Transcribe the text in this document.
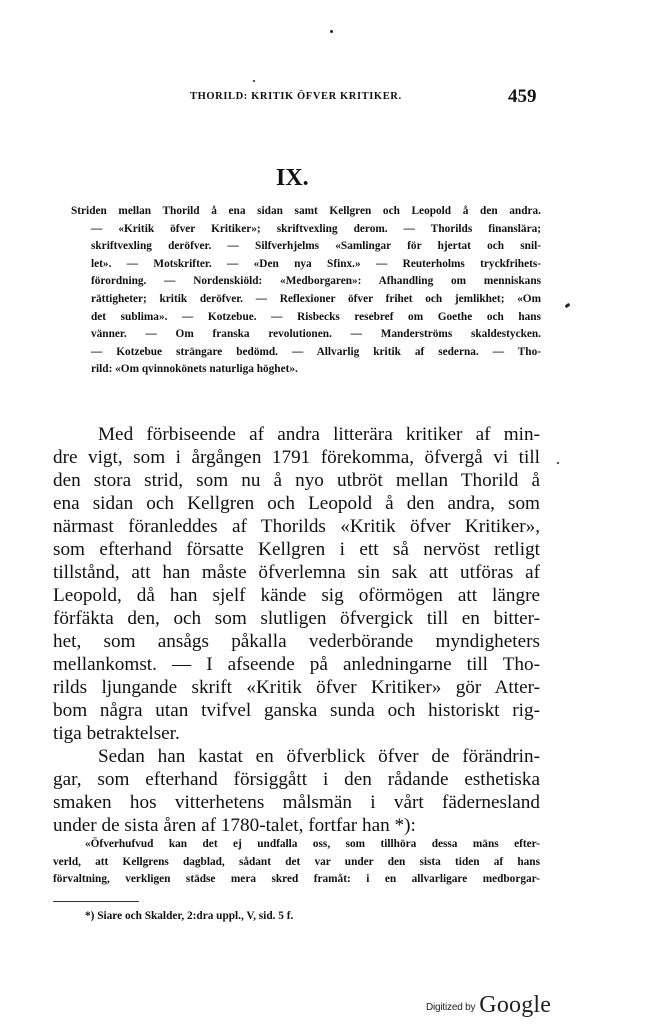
THORILD: KRITIK ÖFVER KRITIKER.	459
IX.
Striden mellan Thorild å ena sidan samt Kellgren och Leopold å den andra.
— «Kritik öfver Kritiker»; skriftvexling derom. — Thorilds finanslära;
skriftvexling deröfver. — Silfverhjelms «Samlingar för hjertat och snil-
let». — Motskrifter. — «Den nya Sfinx.» — Reuterholms tryckfrihets-
förordning. — Nordenskiöld: «Medborgaren»: Afhandling om menniskans
rättigheter; kritik deröfver. — Reflexioner öfver frihet och jemlikhet; «Om
det sublima». — Kotzebue. — Risbecks resebref om Goethe och hans
vänner. — Om franska revolutionen. — Manderströms skaldestycken.
— Kotzebue strängare bedömd. — Allvarlig kritik af sederna. — Tho-
rild: «Om qvinnokönets naturliga höghet».
Med förbiseende af andra litterära kritiker af min-
dre vigt, som i årgången 1791 förekomma, öfvergå vi till
den stora strid, som nu å nyo utbröt mellan Thorild å
ena sidan och Kellgren och Leopold å den andra, som
närmast föranleddes af Thorilds «Kritik öfver Kritiker»,
som efterhand försatte Kellgren i ett så nervöst retligt
tillstånd, att han måste öfverlemna sin sak att utföras af
Leopold, då han sjelf kände sig oförmögen att längre
förfäkta den, och som slutligen öfvergick till en bitter-
het, som ansågs påkalla vederbörande myndigheters
mellankomst. — I afseende på anledningarne till Tho-
rilds ljungande skrift «Kritik öfver Kritiker» gör Atter-
bom några utan tvifvel ganska sunda och historiskt rig-
tiga betraktelser.
Sedan han kastat en öfverblick öfver de förändrin-
gar, som efterhand försiggått i den rådande esthetiska
smaken hos vitterhetens målsmän i vårt fädernesland
under de sista åren af 1780-talet, fortfar han *):
«Öfverhufvud kan det ej undfalla oss, som tillhöra dessa mäns efter-
verld, att Kellgrens dagblad, sådant det var under den sista tiden af hans
förvaltning, verkligen städse mera skred framåt: i en allvarligare medborgar-
*) Siare och Skalder, 2:dra uppl., V, sid. 5 f.
Digitized by Google
